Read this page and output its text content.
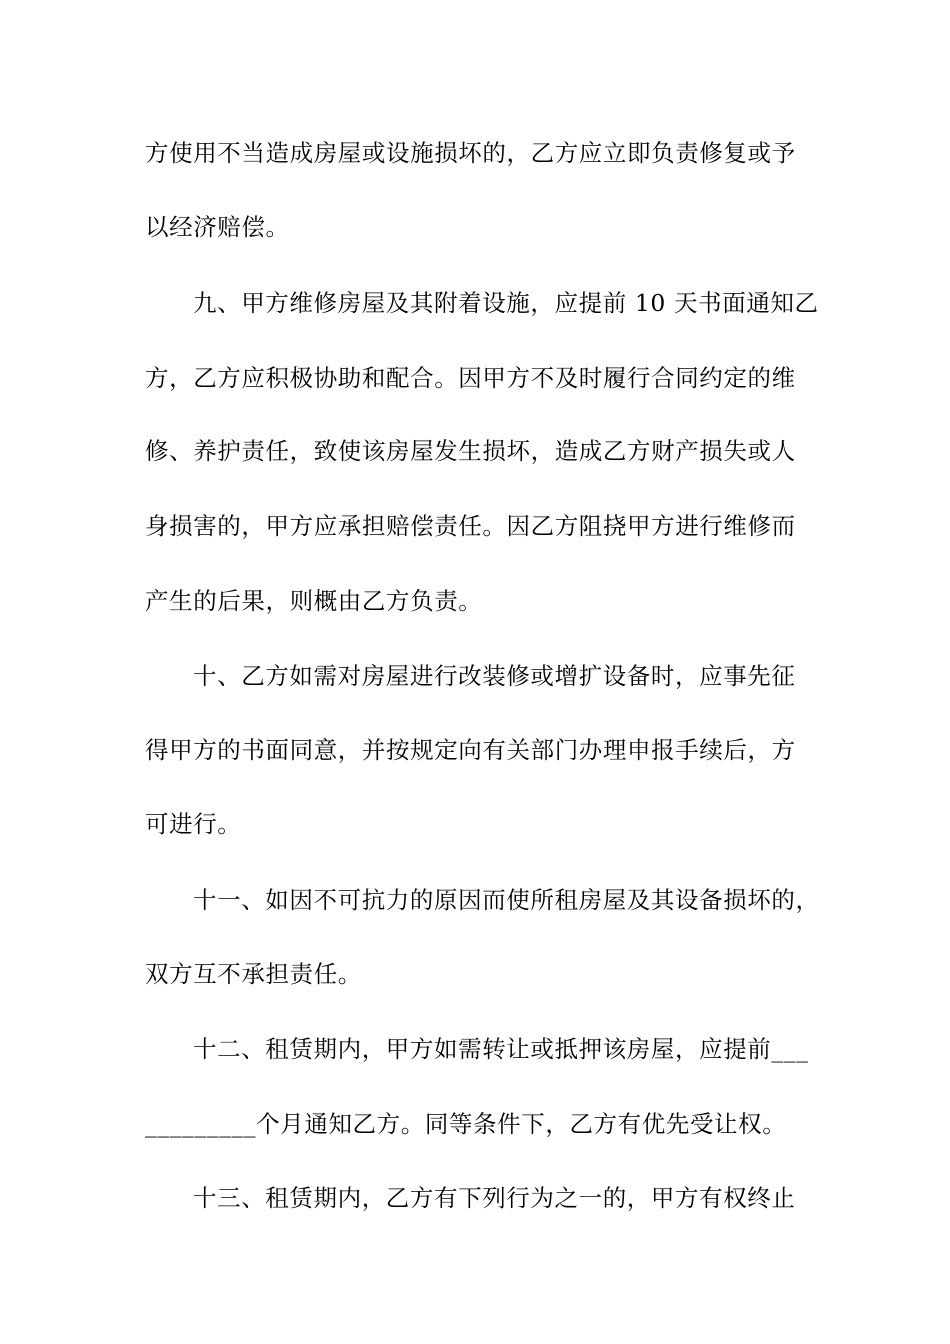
方使用不当造成房屋或设施损坏的，乙方应立即负责修复或予
以经济赔偿。
九、甲方维修房屋及其附着设施，应提前 10 天书面通知乙
方，乙方应积极协助和配合。因甲方不及时履行合同约定的维
修、养护责任，致使该房屋发生损坏，造成乙方财产损失或人
身损害的，甲方应承担赔偿责任。因乙方阻挠甲方进行维修而
产生的后果，则概由乙方负责。
十、乙方如需对房屋进行改装修或增扩设备时，应事先征
得甲方的书面同意，并按规定向有关部门办理申报手续后，方
可进行。
十一、如因不可抗力的原因而使所租房屋及其设备损坏的，
双方互不承担责任。
十二、租赁期内，甲方如需转让或抵押该房屋，应提前___
_________个月通知乙方。同等条件下，乙方有优先受让权。
十三、租赁期内，乙方有下列行为之一的，甲方有权终止
